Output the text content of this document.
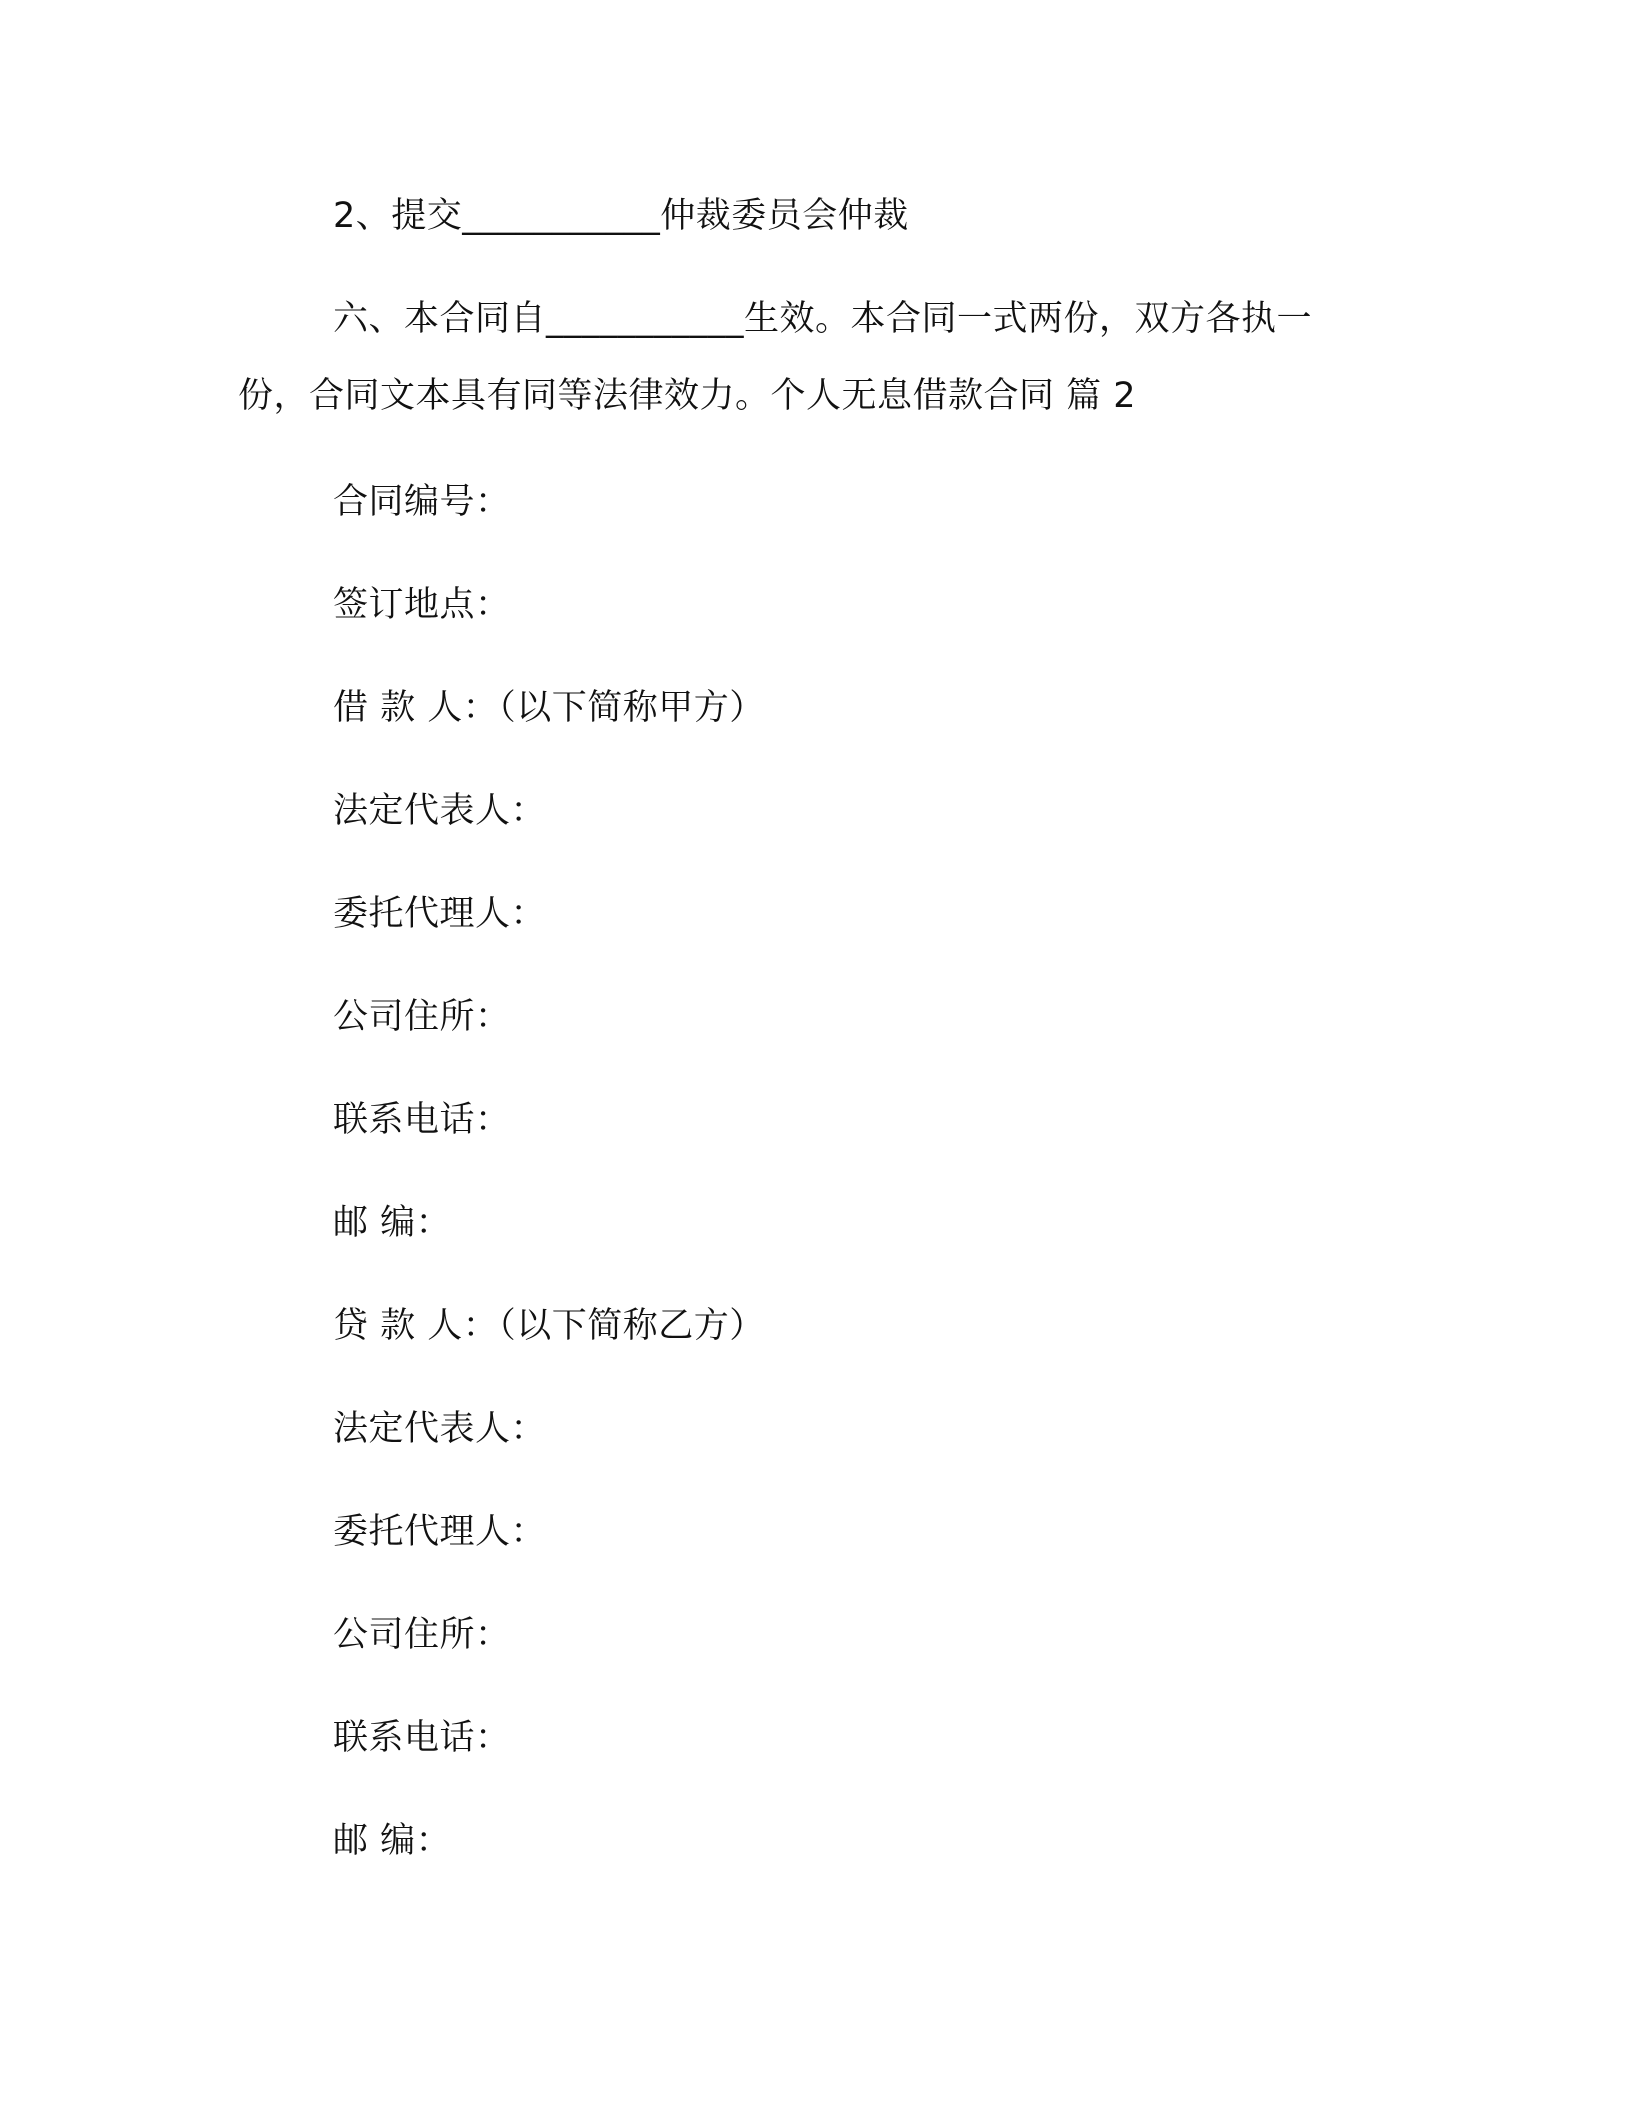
2、提交___________仲裁委员会仲裁
六、本合同自___________生效。本合同一式两份，双方各执一
份，合同文本具有同等法律效力。个人无息借款合同 篇 2
合同编号：
签订地点：
借 款 人：（以下简称甲方）
法定代表人：
委托代理人：
公司住所：
联系电话：
邮 编：
贷 款 人：（以下简称乙方）
法定代表人：
委托代理人：
公司住所：
联系电话：
邮 编：
